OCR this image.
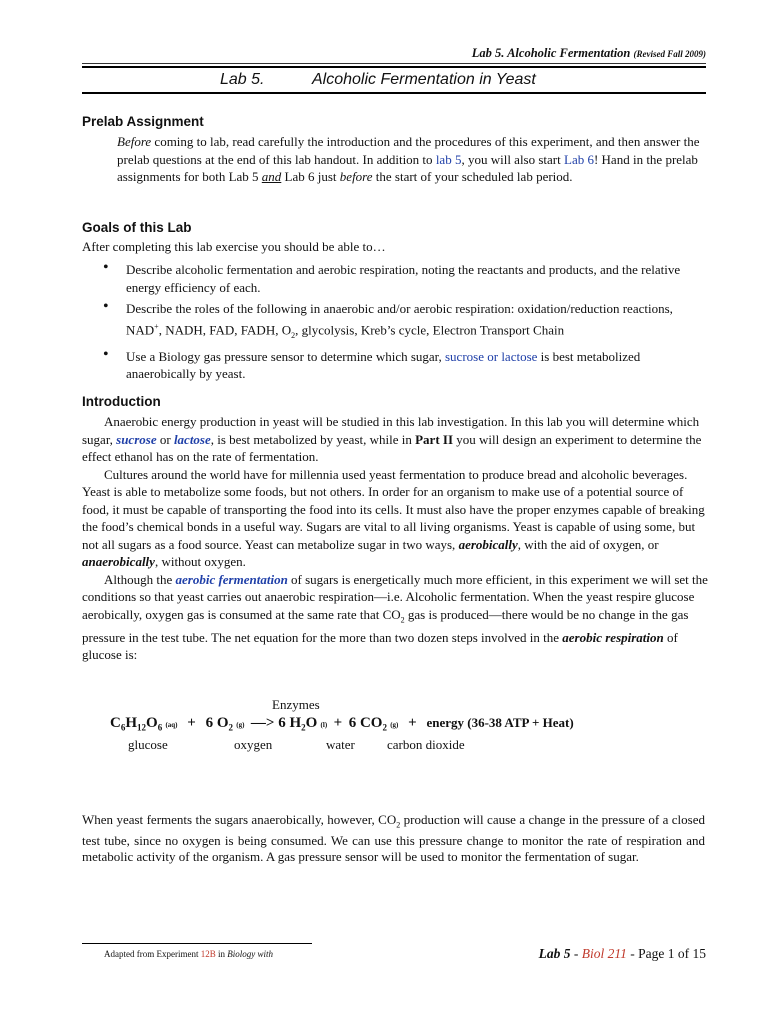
Lab 5. Alcoholic Fermentation (Revised Fall 2009)
Lab 5.	Alcoholic Fermentation in Yeast
Prelab Assignment

Before coming to lab, read carefully the introduction and the procedures of this experiment, and then answer the prelab questions at the end of this lab handout. In addition to lab 5, you will also start Lab 6! Hand in the prelab assignments for both Lab 5 and Lab 6 just before the start of your scheduled lab period.

Goals of this Lab
After completing this lab exercise you should be able to…
• Describe alcoholic fermentation and aerobic respiration, noting the reactants and products, and the relative energy efficiency of each.
• Describe the roles of the following in anaerobic and/or aerobic respiration: oxidation/reduction reactions, NAD+, NADH, FAD, FADH, $O_2$, glycolysis, Kreb’s cycle, Electron Transport Chain
• Use a Biology gas pressure sensor to determine which sugar, sucrose or lactose is best metabolized anaerobically by yeast.
Introduction

Anaerobic energy production in yeast will be studied in this lab investigation. In this lab you will determine which sugar, sucrose or lactose, is best metabolized by yeast, while in Part II you will design an experiment to determine the effect ethanol has on the rate of fermentation.

Cultures around the world have for millennia used yeast fermentation to produce bread and alcoholic beverages. Yeast is able to metabolize some foods, but not others. In order for an organism to make use of a potential source of food, it must be capable of transporting the food into its cells. It must also have the proper enzymes capable of breaking the food’s chemical bonds in a useful way. Sugars are vital to all living organisms. Yeast is capable of using some, but not all sugars as a food source. Yeast can metabolize sugar in two ways, aerobically, with the aid of oxygen, or anaerobically, without oxygen.

Although the aerobic fermentation of sugars is energetically much more efficient, in this experiment we will set the conditions so that yeast carries out anaerobic respiration—i.e. Alcoholic fermentation. When the yeast respire glucose aerobically, oxygen gas is consumed at the same rate that $CO_2$ gas is produced—there would be no change in the gas pressure in the test tube. The net equation for the more than two dozen steps involved in the aerobic respiration of glucose is:

Enzymes
$C_6H_{12}O_6$ (aq) + 6 $O_2$ (g) —> 6 $H_2O$ (l) + 6 $CO_2$ (g) + energy (36-38 ATP + Heat)
glucose	oxygen	water carbon dioxide

When yeast ferments the sugars anaerobically, however, $CO_2$ production will cause a change in the pressure of a closed test tube, since no oxygen is being consumed. We can use this pressure change to monitor the rate of respiration and metabolic activity of the organism. A gas pressure sensor will be used to monitor the fermentation of sugar.

Adapted from Experiment 12B in Biology with	Lab 5 - Biol 211 - Page 1 of 15
